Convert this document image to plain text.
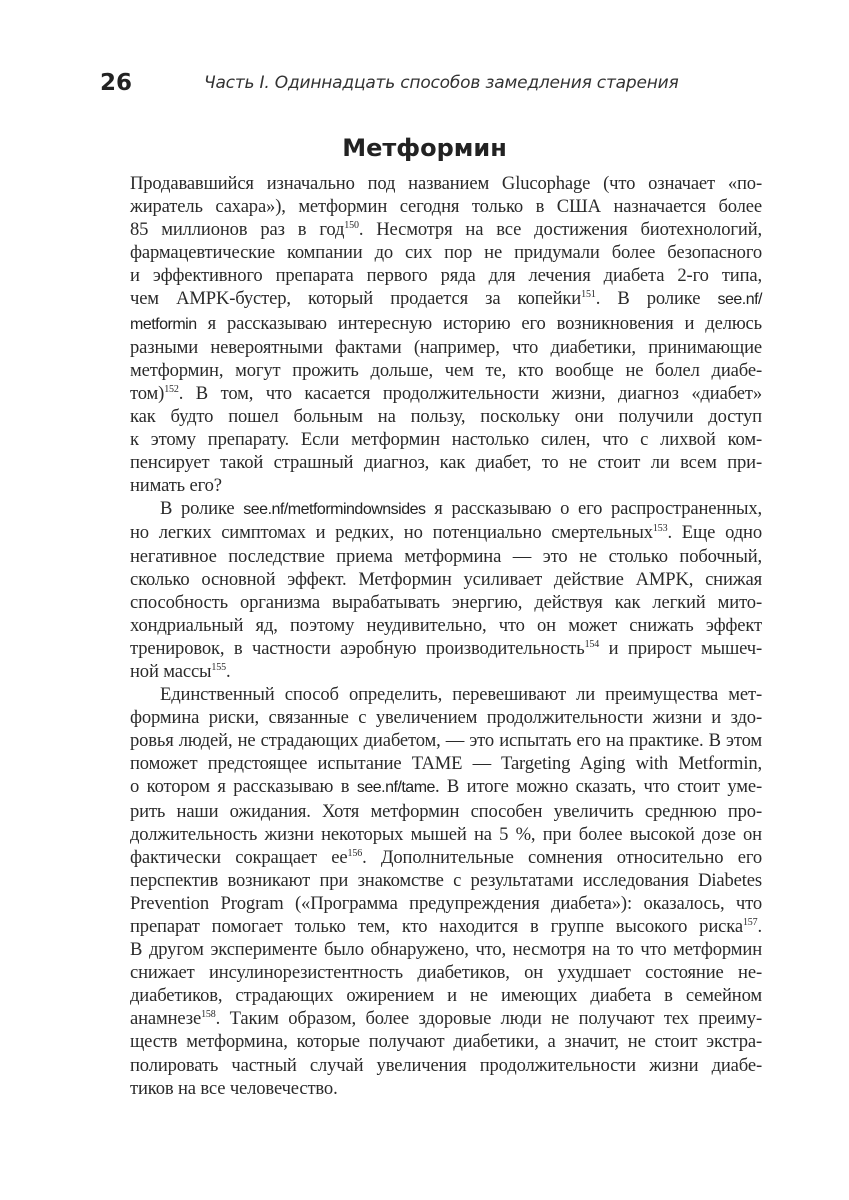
26	Часть I. Одиннадцать способов замедления старения
Метформин
Продававшийся изначально под названием Glucophage (что означает «по-
жиратель сахара»), метформин сегодня только в США назначается более
85 миллионов раз в год$^{150}$. Несмотря на все достижения биотехнологий,
фармацевтические компании до сих пор не придумали более безопасного
и эффективного препарата первого ряда для лечения диабета 2-го типа,
чем AMPK-бустер, который продается за копейки$^{151}$. В ролике see.nf/
metformin я рассказываю интересную историю его возникновения и делюсь
разными невероятными фактами (например, что диабетики, принимающие
метформин, могут прожить дольше, чем те, кто вообще не болел диабе-
том)$^{152}$. В том, что касается продолжительности жизни, диагноз «диабет»
как будто пошел больным на пользу, поскольку они получили доступ
к этому препарату. Если метформин настолько силен, что с лихвой ком-
пенсирует такой страшный диагноз, как диабет, то не стоит ли всем при-
нимать его?
В ролике see.nf/metformindownsides я рассказываю о его распространенных,
но легких симптомах и редких, но потенциально смертельных$^{153}$. Еще одно
негативное последствие приема метформина — это не столько побочный,
сколько основной эффект. Метформин усиливает действие AMPK, снижая
способность организма вырабатывать энергию, действуя как легкий мито-
хондриальный яд, поэтому неудивительно, что он может снижать эффект
тренировок, в частности аэробную производительность$^{154}$ и прирост мышеч-
ной массы$^{155}$.
Единственный способ определить, перевешивают ли преимущества мет-
формина риски, связанные с увеличением продолжительности жизни и здо-
ровья людей, не страдающих диабетом, — это испытать его на практике. В этом
поможет предстоящее испытание TAME — Targeting Aging with Metformin,
о котором я рассказываю в see.nf/tame. В итоге можно сказать, что стоит уме-
рить наши ожидания. Хотя метформин способен увеличить среднюю про-
должительность жизни некоторых мышей на 5 %, при более высокой дозе он
фактически сокращает $ее^{156}$. Дополнительные сомнения относительно его
перспектив возникают при знакомстве с результатами исследования Diabetes
Prevention Program («Программа предупреждения диабета»): оказалось, что
препарат помогает только тем, кто находится в группе высокого риска$^{157}$.
В другом эксперименте было обнаружено, что, несмотря на то что метформин
снижает инсулинорезистентность диабетиков, он ухудшает состояние не-
диабетиков, страдающих ожирением и не имеющих диабета в семейном
анамнезе$^{158}$. Таким образом, более здоровые люди не получают тех преиму-
ществ метформина, которые получают диабетики, а значит, не стоит экстра-
полировать частный случай увеличения продолжительности жизни диабе-
тиков на все человечество.
